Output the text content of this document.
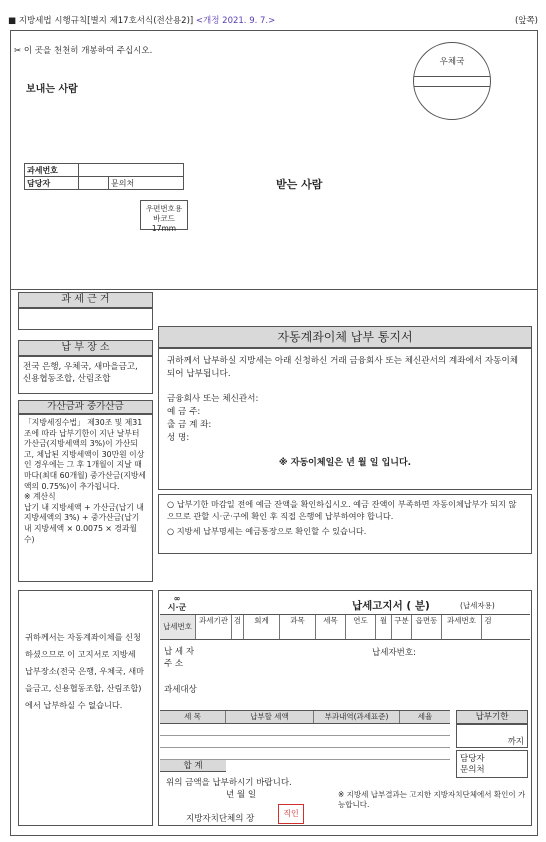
■ 지방세법 시행규칙[별지 제17호서식(전산용2)] <개정 2021. 9. 7.>	(앞쪽)
✂ 이 곳을 천천히 개봉하여 주십시오.
보내는 사람
우체국
과세번호		
담당자		문의처
우편번호용
바코드 17mm
받는 사람
과 세 근 거
납 부 장 소
전국 은행, 우체국, 새마을금고, 신용협동조합, 산림조합
가산금과 중가산금
「지방세징수법」 제30조 및 제31조에 따라 납부기한이 지난 날부터 가산금(지방세액의 3%)이 가산되고, 체납된 지방세액이 30만원 이상인 경우에는 그 후 1개월이 지날 때마다(최대 60개월) 중가산금(지방세액의 0.75%)이 추가됩니다.
※ 계산식
납기 내 지방세액 + 가산금(납기 내 지방세액의 3%) + 중가산금(납기 내 지방세액 × 0.0075 × 경과월수)
귀하께서는 자동계좌이체를 신청하셨으므로 이 고지서로 지방세 납부장소(전국 은행, 우체국, 새마을금고, 신용협동조합, 산림조합)에서 납부하실 수 없습니다.
자동계좌이체 납부 통지서
귀하께서 납부하실 지방세는 아래 신청하신 거래 금융회사 또는 체신관서의 계좌에서 자동이체되어 납부됩니다.
금융회사 또는 체신관서:
예 금 주:
출 금 계 좌:
성 명:
※ 자동이체일은 년 월 일 입니다.
○ 납부기한 마감일 전에 예금 잔액을 확인하십시오. 예금 잔액이 부족하면 자동이체납부가 되지 않으므로 관할 시·군·구에 확인 후 직접 은행에 납부하여야 합니다.
○ 지방세 납부명세는 예금통장으로 확인할 수 있습니다.
∞
시·군	납세고지서 ( 분)	(납세자용)
납세번호
과세기관 검	회계	과목	세목	연도	월 구분 읍면동	과세번호	검
납 세 자
주 소
과세대상
납세자번호:
세 목	납부할 세액	부과내역(과세표준)	세율
합 계
납부기한
까지
담당자
문의처
위의 금액을 납부하시기 바랍니다.
년 월 일
지방자치단체의 장
직인
※ 지방세 납부결과는 고지한 지방자치단체에서 확인이 가능합니다.
